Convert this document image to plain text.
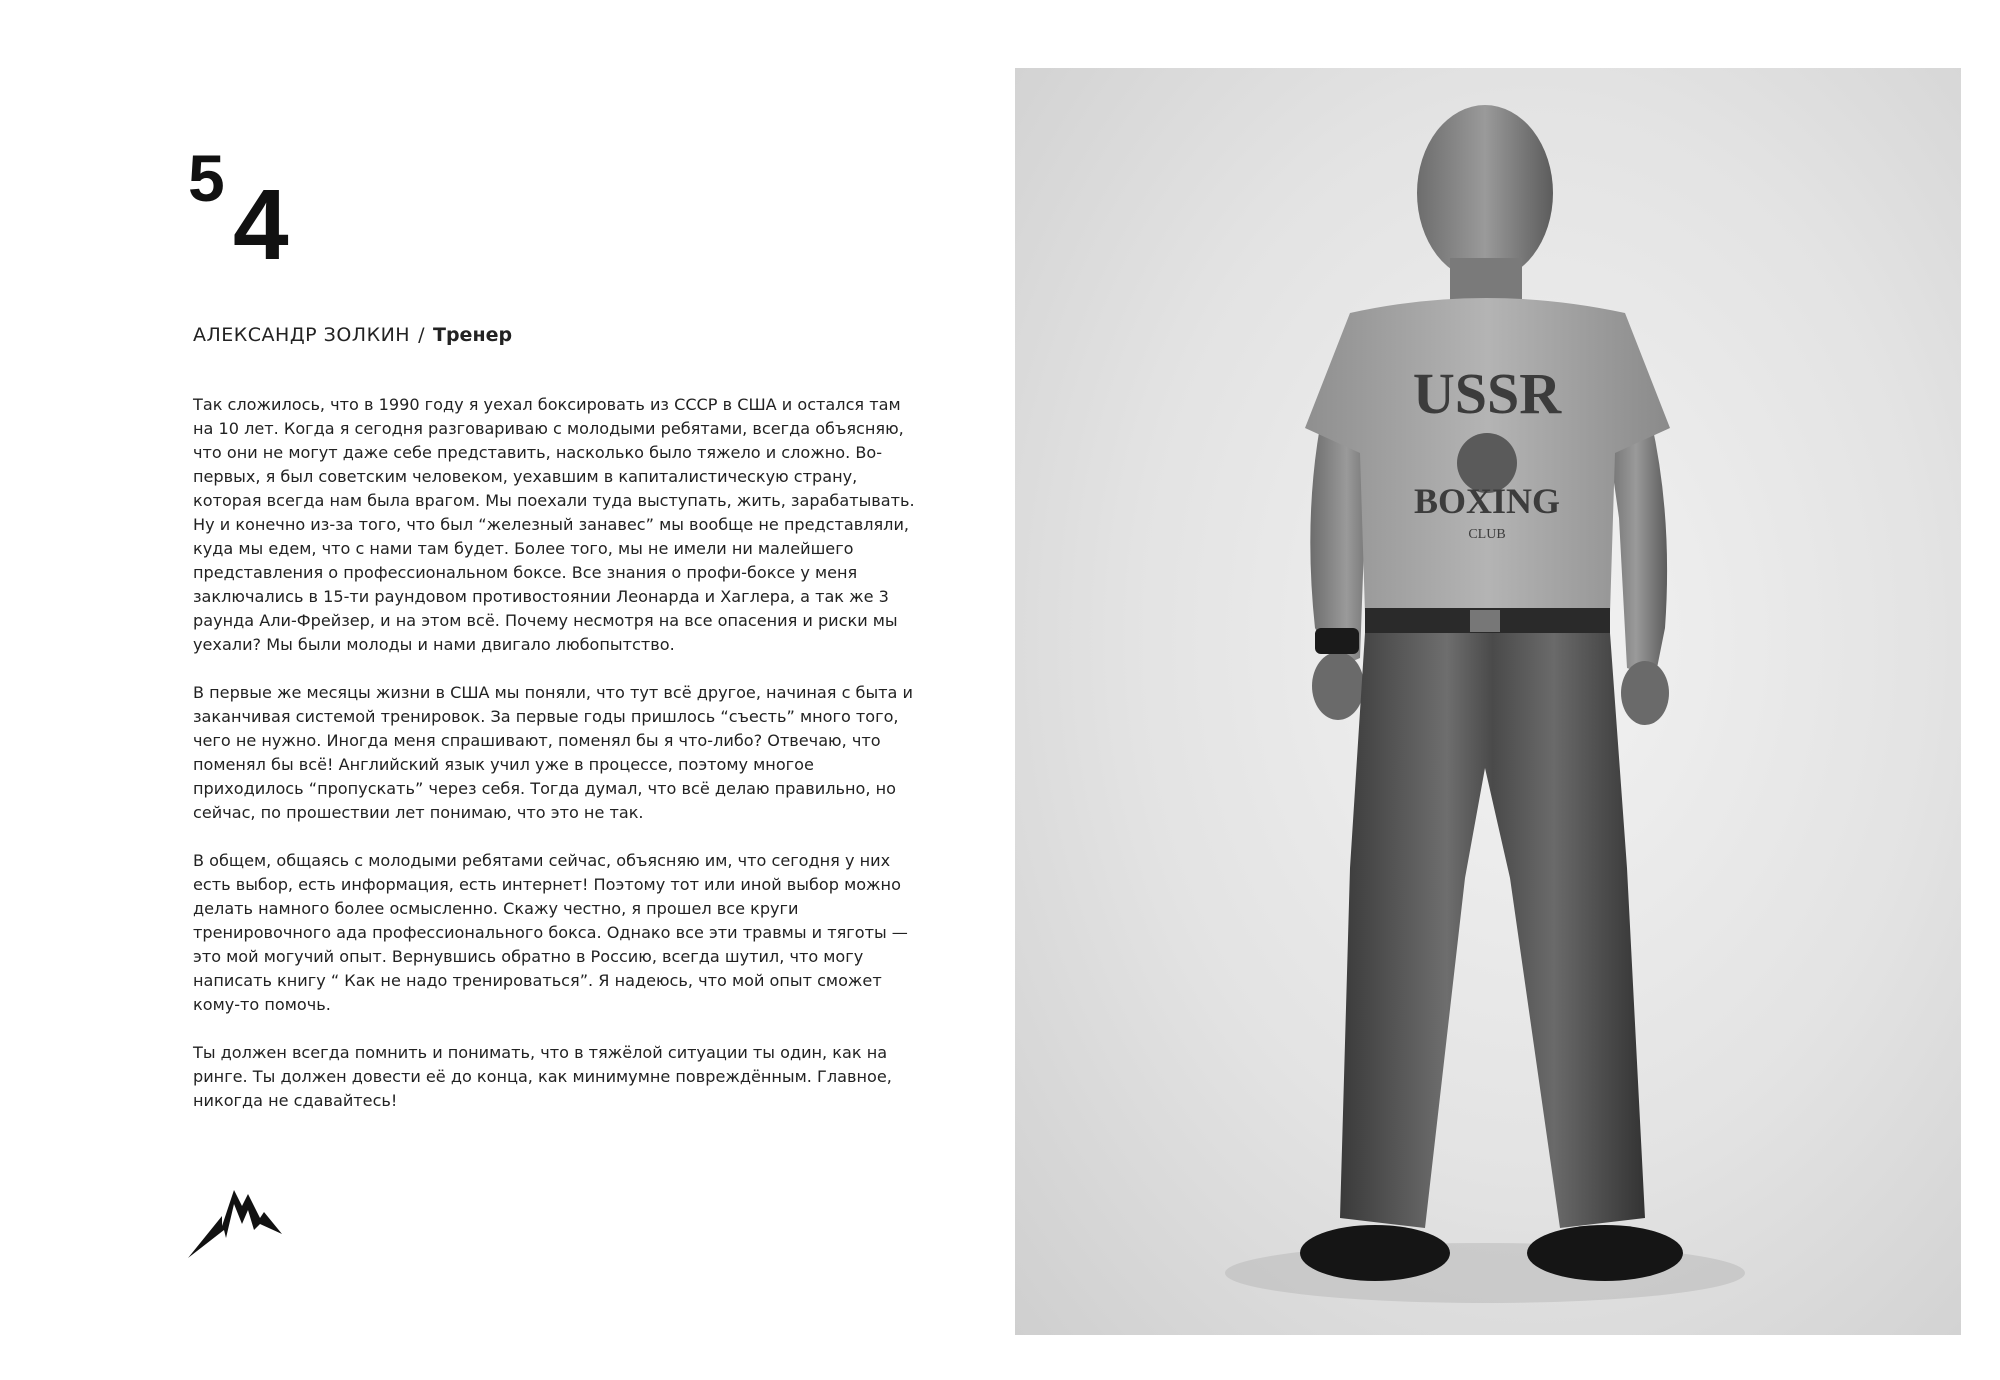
5 4
АЛЕКСАНДР ЗОЛКИН / Тренер

Так сложилось, что в 1990 году я уехал боксировать из СССР в США и остался там на 10 лет. Когда я сегодня разговариваю с молодыми ребятами, всегда объясняю, что они не могут даже себе представить, насколько было тяжело и сложно. Во-первых, я был советским человеком, уехавшим в капиталистическую страну, которая всегда нам была врагом. Мы поехали туда выступать, жить, зарабатывать. Ну и конечно из-за того, что был “железный занавес” мы вообще не представляли, куда мы едем, что с нами там будет. Более того, мы не имели ни малейшего представления о профессиональном боксе. Все знания о профи-боксе у меня заключались в 15-ти раундовом противостоянии Леонарда и Хаглера, а так же 3 раунда Али-Фрейзер, и на этом всё. Почему несмотря на все опасения и риски мы уехали? Мы были молоды и нами двигало любопытство.

В первые же месяцы жизни в США мы поняли, что тут всё другое, начиная с быта и заканчивая системой тренировок. За первые годы пришлось “съесть” много того, чего не нужно. Иногда меня спрашивают, поменял бы я что-либо? Отвечаю, что поменял бы всё! Английский язык учил уже в процессе, поэтому многое приходилось “пропускать” через себя. Тогда думал, что всё делаю правильно, но сейчас, по прошествии лет понимаю, что это не так.

В общем, общаясь с молодыми ребятами сейчас, объясняю им, что сегодня у них есть выбор, есть информация, есть интернет! Поэтому тот или иной выбор можно делать намного более осмысленно. Скажу честно, я прошел все круги тренировочного ада профессионального бокса. Однако все эти травмы и тяготы — это мой могучий опыт. Вернувшись обратно в Россию, всегда шутил, что могу написать книгу “ Как не надо тренироваться”. Я надеюсь, что мой опыт сможет кому-то помочь.

Ты должен всегда помнить и понимать, что в тяжёлой ситуации ты один, как на ринге. Ты должен довести её до конца, как минимумне повреждённым. Главное, никогда не сдавайтесь!

USSR
BOXING
CLUB
